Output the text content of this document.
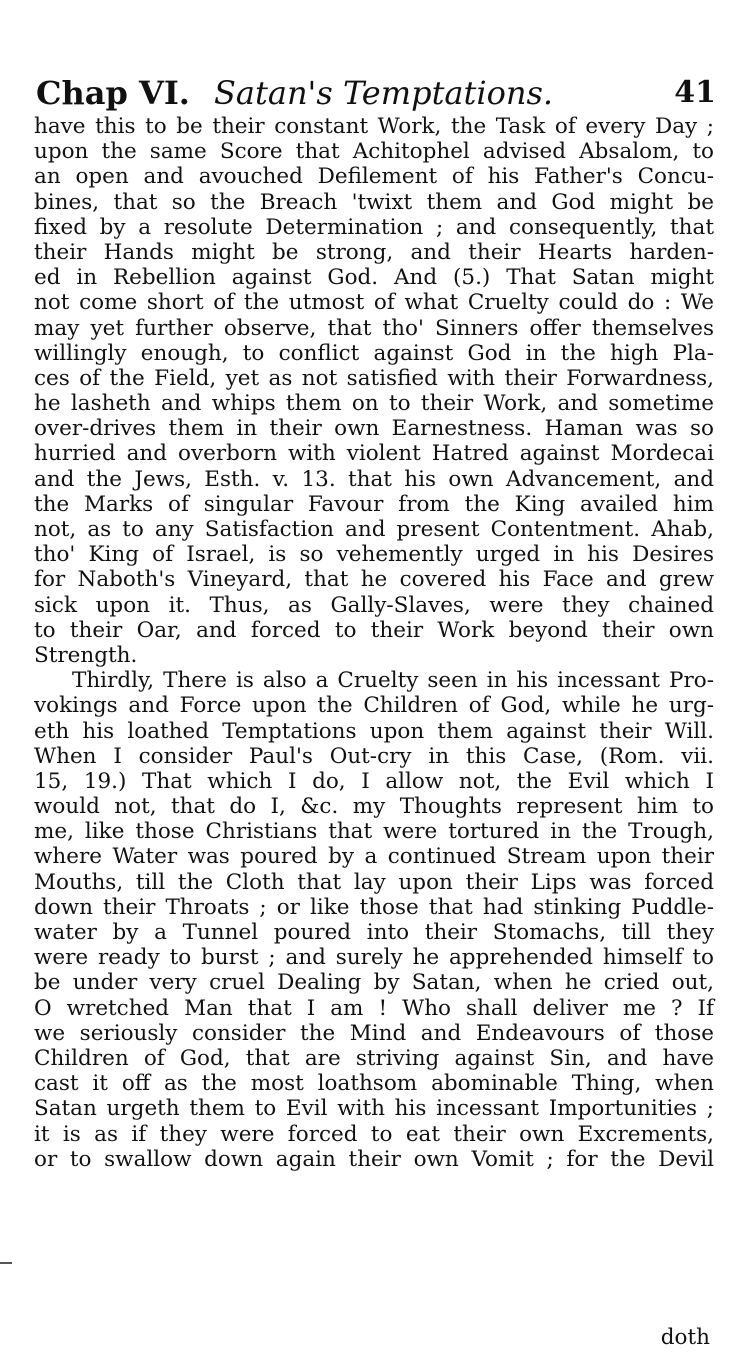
Chap VI. Satan's Temptations.	41
have this to be their constant Work, the Task of every Day ;
upon the same Score that Achitophel advised Absalom, to
an open and avouched Defilement of his Father's Concu-
bines, that so the Breach 'twixt them and God might be
fixed by a resolute Determination ; and consequently, that
their Hands might be strong, and their Hearts harden-
ed in Rebellion against God. And (5.) That Satan might
not come short of the utmost of what Cruelty could do : We
may yet further observe, that tho' Sinners offer themselves
willingly enough, to conflict against God in the high Pla-
ces of the Field, yet as not satisfied with their Forwardness,
he lasheth and whips them on to their Work, and sometime
over-drives them in their own Earnestness. Haman was so
hurried and overborn with violent Hatred against Mordecai
and the Jews, Esth. v. 13. that his own Advancement, and
the Marks of singular Favour from the King availed him
not, as to any Satisfaction and present Contentment. Ahab,
tho' King of Israel, is so vehemently urged in his Desires
for Naboth's Vineyard, that he covered his Face and grew
sick upon it. Thus, as Gally-Slaves, were they chained
to their Oar, and forced to their Work beyond their own
Strength.
Thirdly, There is also a Cruelty seen in his incessant Pro-
vokings and Force upon the Children of God, while he urg-
eth his loathed Temptations upon them against their Will.
When I consider Paul's Out-cry in this Case, (Rom. vii.
15, 19.) That which I do, I allow not, the Evil which I
would not, that do I, &c. my Thoughts represent him to
me, like those Christians that were tortured in the Trough,
where Water was poured by a continued Stream upon their
Mouths, till the Cloth that lay upon their Lips was forced
down their Throats ; or like those that had stinking Puddle-
water by a Tunnel poured into their Stomachs, till they
were ready to burst ; and surely he apprehended himself to
be under very cruel Dealing by Satan, when he cried out,
O wretched Man that I am ! Who shall deliver me ? If
we seriously consider the Mind and Endeavours of those
Children of God, that are striving against Sin, and have
cast it off as the most loathsom abominable Thing, when
Satan urgeth them to Evil with his incessant Importunities ;
it is as if they were forced to eat their own Excrements,
or to swallow down again their own Vomit ; for the Devil
doth
